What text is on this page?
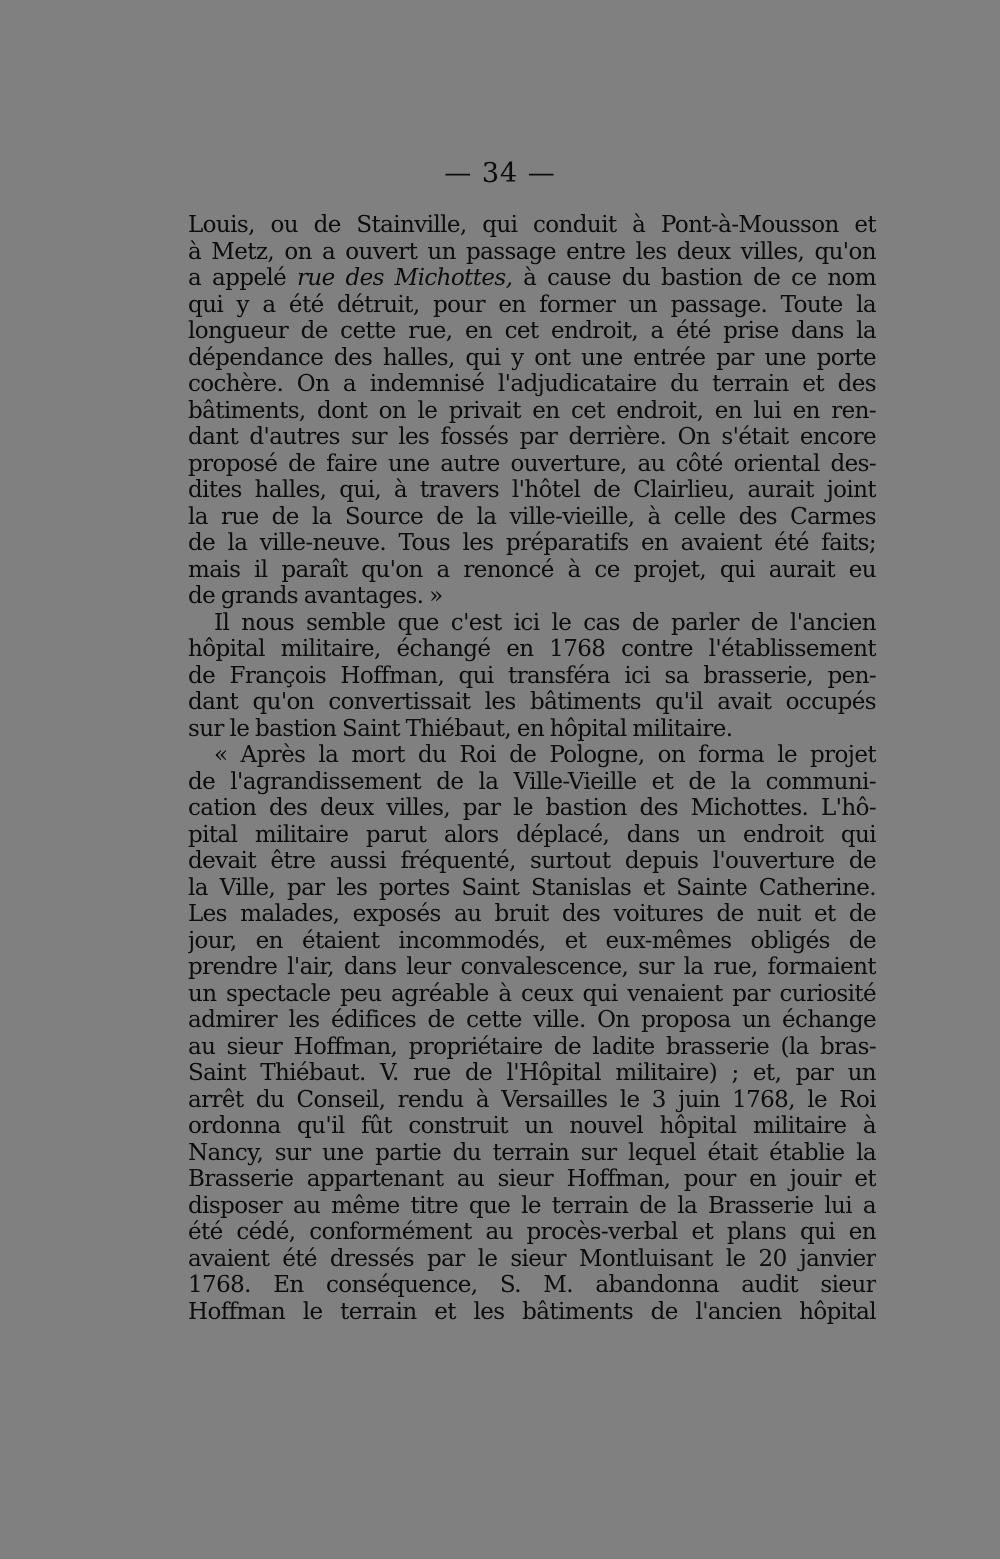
— 34 —
Louis, ou de Stainville, qui conduit à Pont-à-Mousson et
à Metz, on a ouvert un passage entre les deux villes, qu'on
a appelé rue des Michottes, à cause du bastion de ce nom
qui y a été détruit, pour en former un passage. Toute la
longueur de cette rue, en cet endroit, a été prise dans la
dépendance des halles, qui y ont une entrée par une porte
cochère. On a indemnisé l'adjudicataire du terrain et des
bâtiments, dont on le privait en cet endroit, en lui en ren-
dant d'autres sur les fossés par derrière. On s'était encore
proposé de faire une autre ouverture, au côté oriental des-
dites halles, qui, à travers l'hôtel de Clairlieu, aurait joint
la rue de la Source de la ville-vieille, à celle des Carmes
de la ville-neuve. Tous les préparatifs en avaient été faits;
mais il paraît qu'on a renoncé à ce projet, qui aurait eu
de grands avantages. »
Il nous semble que c'est ici le cas de parler de l'ancien
hôpital militaire, échangé en 1768 contre l'établissement
de François Hoffman, qui transféra ici sa brasserie, pen-
dant qu'on convertissait les bâtiments qu'il avait occupés
sur le bastion Saint Thiébaut, en hôpital militaire.
« Après la mort du Roi de Pologne, on forma le projet
de l'agrandissement de la Ville-Vieille et de la communi-
cation des deux villes, par le bastion des Michottes. L'hô-
pital militaire parut alors déplacé, dans un endroit qui
devait être aussi fréquenté, surtout depuis l'ouverture de
la Ville, par les portes Saint Stanislas et Sainte Catherine.
Les malades, exposés au bruit des voitures de nuit et de
jour, en étaient incommodés, et eux-mêmes obligés de
prendre l'air, dans leur convalescence, sur la rue, formaient
un spectacle peu agréable à ceux qui venaient par curiosité
admirer les édifices de cette ville. On proposa un échange
au sieur Hoffman, propriétaire de ladite brasserie (la bras-
Saint Thiébaut. V. rue de l'Hôpital militaire) ; et, par un
arrêt du Conseil, rendu à Versailles le 3 juin 1768, le Roi
ordonna qu'il fût construit un nouvel hôpital militaire à
Nancy, sur une partie du terrain sur lequel était établie la
Brasserie appartenant au sieur Hoffman, pour en jouir et
disposer au même titre que le terrain de la Brasserie lui a
été cédé, conformément au procès-verbal et plans qui en
avaient été dressés par le sieur Montluisant le 20 janvier
1768. En conséquence, S. M. abandonna audit sieur
Hoffman le terrain et les bâtiments de l'ancien hôpital
